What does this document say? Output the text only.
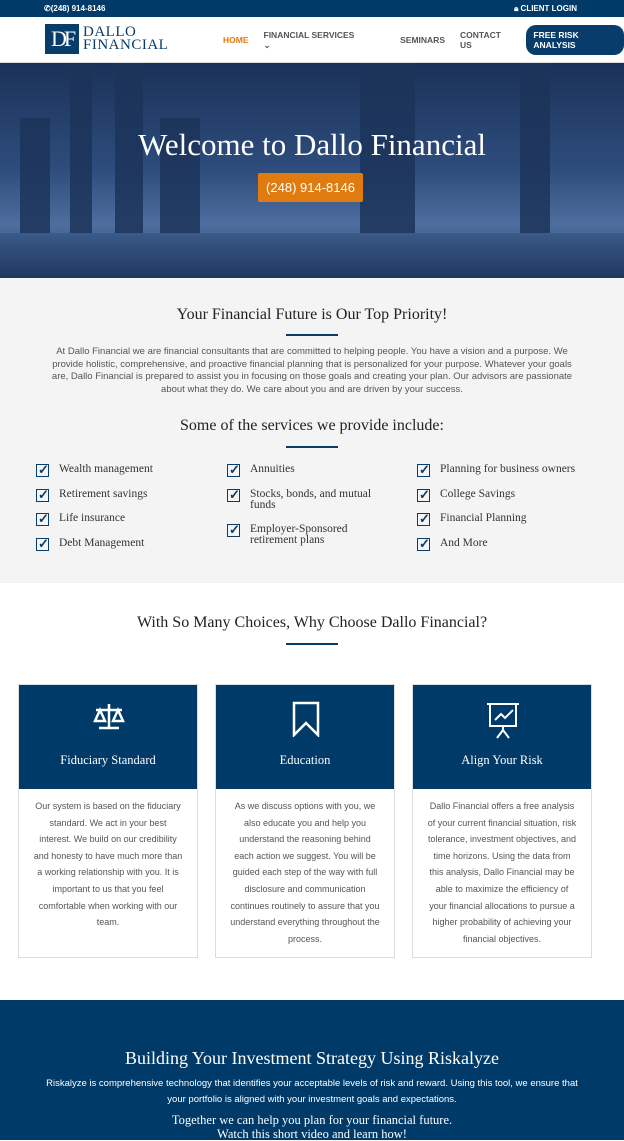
✆(248) 914-8146	🔒︎ CLIENT LOGIN
DF DALLO
FINANCIAL	HOME
FINANCIAL SERVICES ⌄	SEMINARS CONTACT US
FREE RISK ANALYSIS
Welcome to Dallo Financial
(248) 914-8146
Your Financial Future is Our Top Priority!

At Dallo Financial we are financial consultants that are committed to helping people. You have a vision and a purpose. We provide holistic, comprehensive, and proactive financial planning that is personalized for your purpose. Whatever your goals are, Dallo Financial is prepared to assist you in focusing on those goals and creating your plan. Our advisors are passionate about what they do. We care about you and are driven by your success.

Some of the services we provide include:
✓ Wealth management
✓ Retirement savings
✓ Life insurance
✓ Debt Management
✓ Annuities
✓ Stocks, bonds, and mutual funds
✓ Employer-Sponsored retirement plans
✓ Planning for business owners
✓ College Savings
✓ Financial Planning
✓ And More
With So Many Choices, Why Choose Dallo Financial?
Fiduciary Standard
Our system is based on the fiduciary standard. We act in your best interest. We build on our credibility and honesty to have much more than a working relationship with you. It is important to us that you feel comfortable when working with our team.
Education
As we discuss options with you, we also educate you and help you understand the reasoning behind each action we suggest. You will be guided each step of the way with full disclosure and communication continues routinely to assure that you understand everything throughout the process.
Align Your Risk
Dallo Financial offers a free analysis of your current financial situation, risk tolerance, investment objectives, and time horizons. Using the data from this analysis, Dallo Financial may be able to maximize the efficiency of your financial allocations to pursue a higher probability of achieving your financial objectives.
Building Your Investment Strategy Using Riskalyze
Riskalyze is comprehensive technology that identifies your acceptable levels of risk and reward. Using this tool, we ensure that your portfolio is aligned with your investment goals and expectations.
Together we can help you plan for your financial future.
Watch this short video and learn how!
